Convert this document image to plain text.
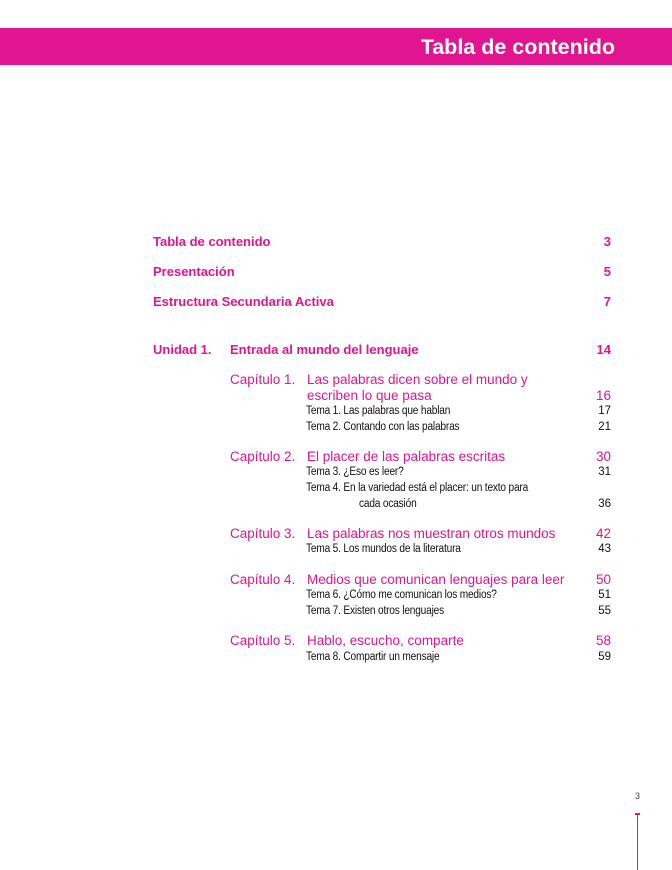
Tabla de contenido
Tabla de contenido	3
Presentación	5
Estructura Secundaria Activa	7
Unidad 1. Entrada al mundo del lenguaje	14
Capítulo 1. Las palabras dicen sobre el mundo y
escriben lo que pasa	16
Tema 1. Las palabras que hablan	17
Tema 2. Contando con las palabras	21
Capítulo 2. El placer de las palabras escritas	30
Tema 3. ¿Eso es leer?	31
Tema 4. En la variedad está el placer: un texto para
cada ocasión	36
Capítulo 3. Las palabras nos muestran otros mundos	42
Tema 5. Los mundos de la literatura	43
Capítulo 4. Medios que comunican lenguajes para leer 50
Tema 6. ¿Cómo me comunican los medios?	51
Tema 7. Existen otros lenguajes	55
Capítulo 5. Hablo, escucho, comparte	58
Tema 8. Compartir un mensaje	59
3
